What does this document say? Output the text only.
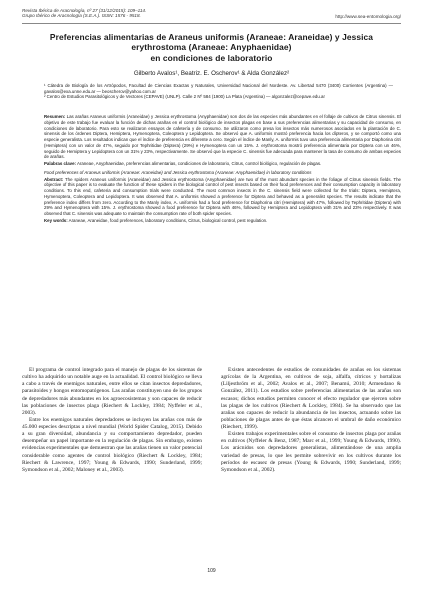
Revista Ibérica de Aracnología, nº 27 (31/12/2015): 109–114.
Grupo Ibérico de Aracnología (S.E.A.). ISSN: 1576 - 9518.	http://www.sea-entomologia.org/
Preferencias alimentarias de Araneus uniformis (Araneae: Araneidae) y Jessica erythrostoma (Araneae: Anyphaenidae)
en condiciones de laboratorio
Gilberto Avalos¹, Beatriz. E. Oscherov¹ & Alda González²

¹ Cátedra de Biología de los Artrópodos, Facultad de Ciencias Exactas y Naturales, Universidad Nacional del Nordeste. Av. Libertad 5470 (3400) Corrientes (Argentina) — gavalos@exa.unne.edu.ar — beoscherov@yahoo.com.ar

² Centro de Estudios Parasitológicos y de Vectores (CEPAVE) (UNLP). Calle 2 Nº 584 (1900) La Plata (Argentina) — algonzalez@cepave.edu.ar

Resumen: Las arañas Araneus uniformis (Araneidae) y Jessica erythrostoma (Anyphaenidae) son dos de las especies más abundantes en el follaje de cultivos de Citrus sinensis. El objetivo de este trabajo fue evaluar la función de dichas arañas en el control biológico de insectos plagas en base a sus preferencias alimentarias y su capacidad de consumo, en condiciones de laboratorio. Para esto se realizaron ensayos de cafetería y de consumo. Se utilizaron como presa los insectos más numerosos asociados en la plantación de C. sinensis de los órdenes Diptera, Hemiptera, Hymenoptera, Coleoptera y Lepidoptera. Se observó que A. uniformis mostró preferencia hacia los dípteros, y se comportó como una especie generalista. Los resultados indican que el índice de preferencia es diferente a cero. Según el índice de Manly, A. uniformis tuvo una preferencia alimentaria por Diaphorina citri (Hemiptera) con un valor de 47%, seguido por Tephritidae (Diptera) (29%) e Hymenoptera con un 15%. J. erythrostoma mostró preferencia alimentaria por Diptera con un 46%, seguido de Hemiptera y Lepidoptera con un 31% y 23%, respectivamente. Se observó que la especie C. sinensis fue adecuada para mantener la tasa de consumo de ambas especies de arañas.

Palabras clave: Araneae, Anyphaenidae, preferencias alimentarias, condiciones de laboratorio, Citrus, control biológico, regulación de plagas.

Food preferences of Araneus uniformis (Araneae: Araneidae) and Jessica erythrostoma (Araneae: Anyphaenidae) in laboratory conditions

Abstract: The spiders Araneus uniformis (Araneidae) and Jessica erythrostoma (Anyphaenidae) are two of the most abundant species in the foliage of Citrus sinensis fields. The objective of this paper is to evaluate the function of these spiders in the biological control of pest insects based on their food preferences and their consumption capacity in laboratory conditions. To this end, cafeteria and consumption trials were conducted. The most common insects in the C. sinensis field were collected for the trials: Diptera, Hemiptera, Hymenoptera, Coleoptera and Lepidoptera. It was observed that A. uniformis showed a preference for Diptera and behaved as a generalist species. The results indicate that the preference index differs from zero. According to the Manly index, A. uniformis had a food preference for Diaphorina citri (Hemiptera) with 47%, followed by Tephritidae (Diptera) with 29% and Hymenoptera with 15%. J. erythrostoma showed a food preference for Diptera with 46%, followed by Hemiptera and Lepidoptera with 31% and 23% respectively. It was observed that C. sinensis was adequate to maintain the consumption rate of both spider species.

Key words: Araneae, Araneidae, food preferences, laboratory conditions, Citrus, biological control, pest regulation.

El programa de control integrado para el manejo de plagas de los sistemas de cultivo ha adquirido un notable auge en la actualidad. El control biológico se lleva a cabo a través de enemigos naturales, entre ellos se citan insectos depredadores, parasitoides y hongos entomopatógenos. Las arañas constituyen uno de los grupos de depredadores más abundantes en los agroecosistemas y son capaces de reducir las poblaciones de insectos plaga (Riechert & Lockley, 1984; Nyffeler et al., 2003).

Entre los enemigos naturales depredadores se incluyen las arañas con más de 45.000 especies descriptas a nivel mundial (World Spider Catalog, 2015). Debido a su gran diversidad, abundancia y su comportamiento depredador, pueden desempeñar un papel importante en la regulación de plagas. Sin embargo, existen evidencias experimentales que demuestran que las arañas tienen un valor potencial considerable como agentes de control biológico (Riechert & Lockley, 1984; Riechert & Lawrence, 1997; Young & Edwards, 1990; Sunderland, 1999; Symondson et al., 2002; Maloney et al., 2003).

Existen antecedentes de estudios de comunidades de arañas en los sistemas agrícolas de la Argentina, en cultivos de soja, alfalfa, cítricos y hortalizas (Liljesthröm et al., 2002; Avalos et al., 2007; Benamú, 2010; Armendano & González, 2011). Los estudios sobre preferencias alimentarias de las arañas son escasos; dichos estudios permiten conocer el efecto regulador que ejercen sobre las plagas de los cultivos (Riechert & Lockley, 1984). Se ha observado que las arañas son capaces de reducir la abundancia de los insectos, actuando sobre las poblaciones de plagas antes de que éstas alcancen el umbral de daño económico (Riechert, 1999).

Existen trabajos experimentales sobre el consumo de insectos plaga por arañas en cultivos (Nyffeler & Benz, 1987; Marc et al., 1999; Young & Edwards, 1990). Los arácnidos son depredadores generalistas, alimentándose de una amplia variedad de presas, lo que les permite sobrevivir en los cultivos durante los períodos de escasez de presas (Young & Edwards, 1990; Sunderland, 1999; Symondson et al., 2002).

109
